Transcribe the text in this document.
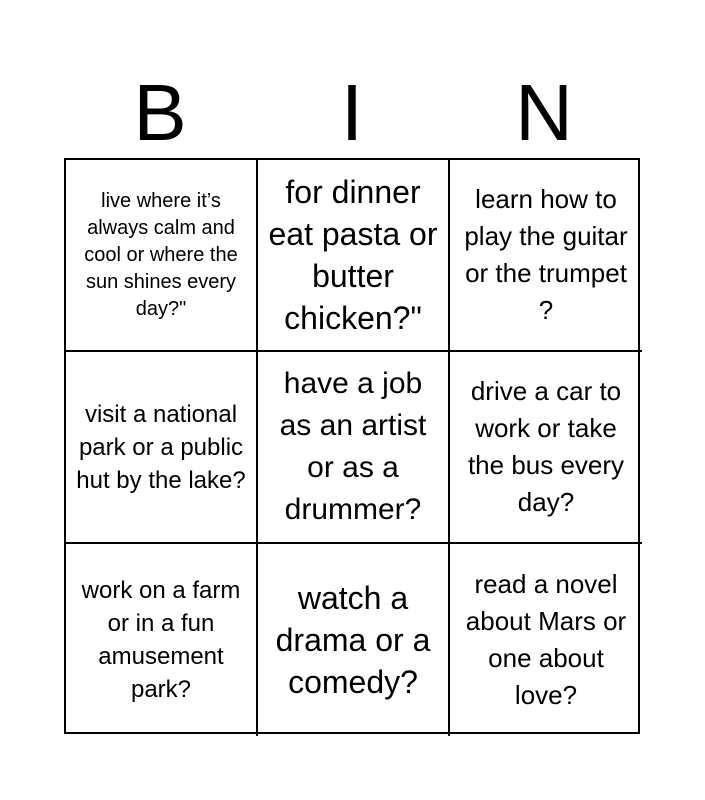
B	I	N
live where it’s always calm and cool or where the sun shines every day?"
for dinner eat pasta or butter chicken?"
learn how to play the guitar or the trumpet ?
visit a national park or a public hut by the lake?
have a job as an artist or as a drummer?
drive a car to work or take the bus every day?
work on a farm or in a fun amusement park?
watch a drama or a comedy?
read a novel about Mars or one about love?
